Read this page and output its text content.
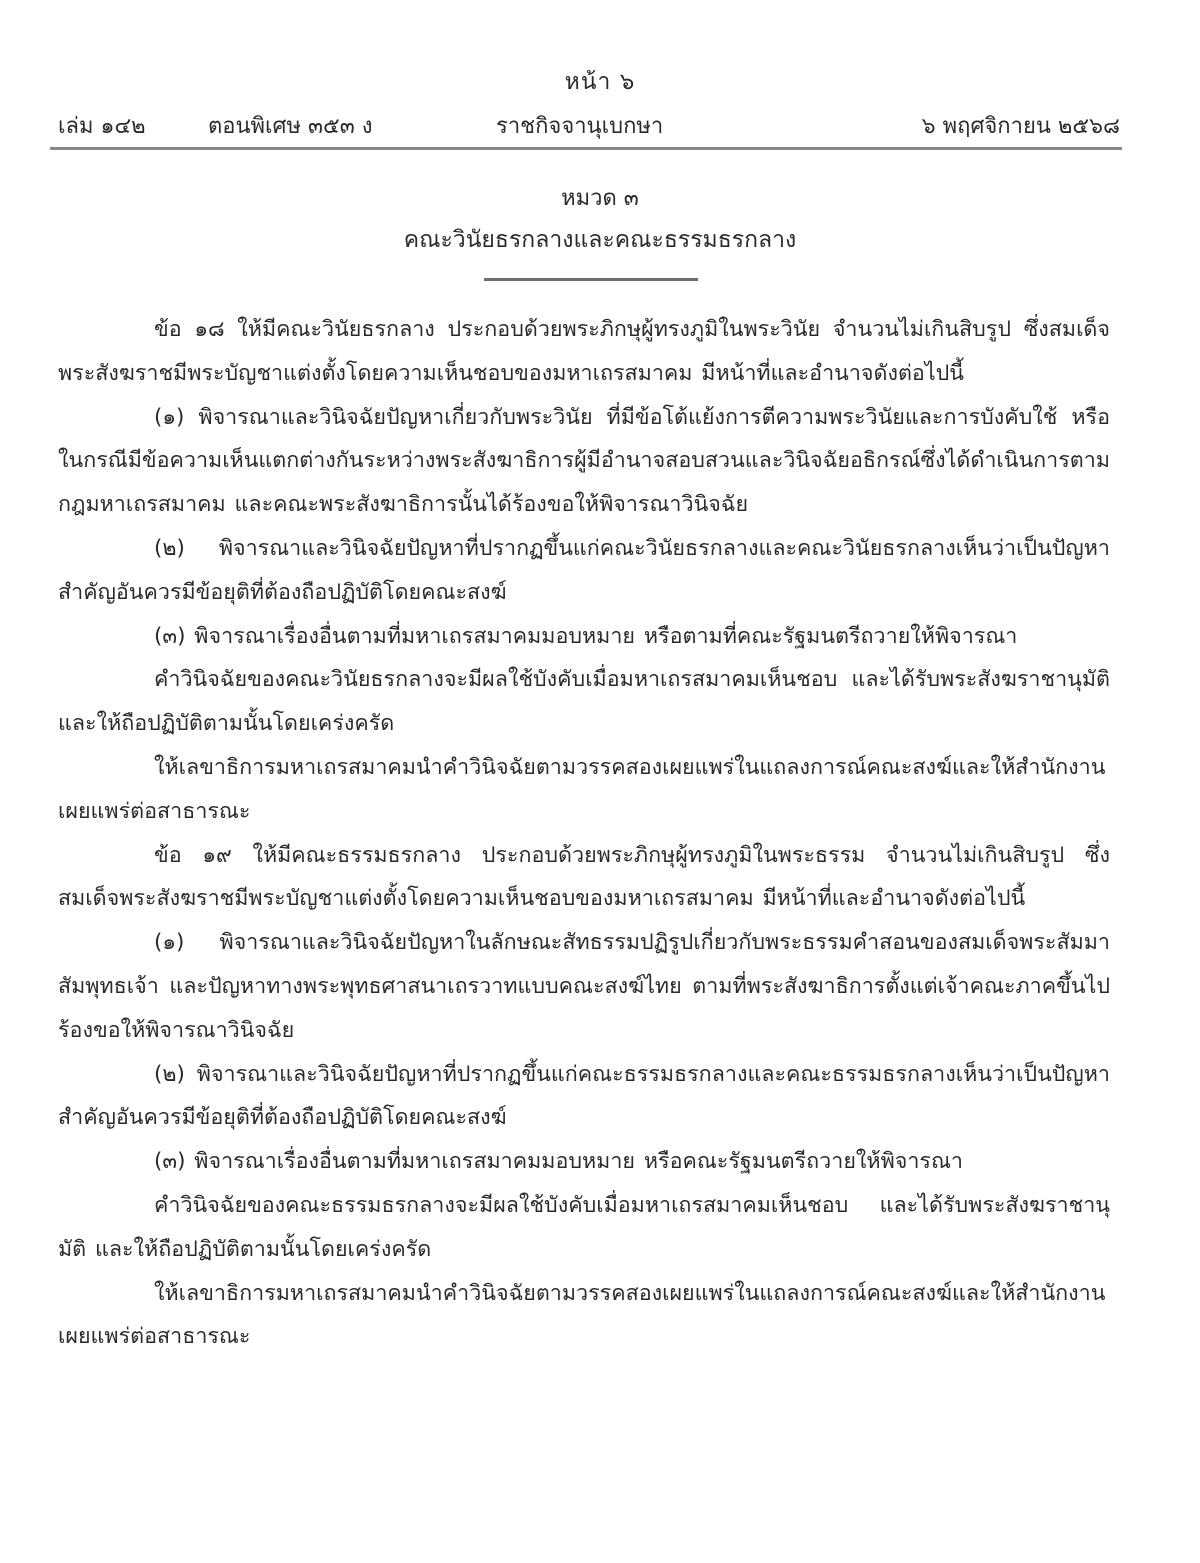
หน้า ๖
เล่ม ๑๔๒	ตอนพิเศษ ๓๕๓ ง	ราชกิจจานุเบกษา	๖ พฤศจิกายน ๒๕๖๘
หมวด ๓
คณะวินัยธรกลางและคณะธรรมธรกลาง

ข้อ ๑๘ ให้มีคณะวินัยธรกลาง ประกอบด้วยพระภิกษุผู้ทรงภูมิในพระวินัย จำนวนไม่เกินสิบรูป ซึ่งสมเด็จพระสังฆราชมีพระบัญชาแต่งตั้งโดยความเห็นชอบของมหาเถรสมาคม มีหน้าที่และอำนาจดังต่อไปนี้

(๑) พิจารณาและวินิจฉัยปัญหาเกี่ยวกับพระวินัย ที่มีข้อโต้แย้งการตีความพระวินัยและการบังคับใช้ หรือในกรณีมีข้อความเห็นแตกต่างกันระหว่างพระสังฆาธิการผู้มีอำนาจสอบสวนและวินิจฉัยอธิกรณ์ซึ่งได้ดำเนินการตามกฎมหาเถรสมาคม และคณะพระสังฆาธิการนั้นได้ร้องขอให้พิจารณาวินิจฉัย

(๒) พิจารณาและวินิจฉัยปัญหาที่ปรากฏขึ้นแก่คณะวินัยธรกลางและคณะวินัยธรกลางเห็นว่าเป็นปัญหาสำคัญอันควรมีข้อยุติที่ต้องถือปฏิบัติโดยคณะสงฆ์

(๓) พิจารณาเรื่องอื่นตามที่มหาเถรสมาคมมอบหมาย หรือตามที่คณะรัฐมนตรีถวายให้พิจารณา

คำวินิจฉัยของคณะวินัยธรกลางจะมีผลใช้บังคับเมื่อมหาเถรสมาคมเห็นชอบ และได้รับพระสังฆราชานุมัติ และให้ถือปฏิบัติตามนั้นโดยเคร่งครัด

ให้เลขาธิการมหาเถรสมาคมนำคำวินิจฉัยตามวรรคสองเผยแพร่ในแถลงการณ์คณะสงฆ์และให้สำนักงานเผยแพร่ต่อสาธารณะ

ข้อ ๑๙ ให้มีคณะธรรมธรกลาง ประกอบด้วยพระภิกษุผู้ทรงภูมิในพระธรรม จำนวนไม่เกินสิบรูป ซึ่งสมเด็จพระสังฆราชมีพระบัญชาแต่งตั้งโดยความเห็นชอบของมหาเถรสมาคม มีหน้าที่และอำนาจดังต่อไปนี้

(๑) พิจารณาและวินิจฉัยปัญหาในลักษณะสัทธรรมปฏิรูปเกี่ยวกับพระธรรมคำสอนของสมเด็จพระสัมมาสัมพุทธเจ้า และปัญหาทางพระพุทธศาสนาเถรวาทแบบคณะสงฆ์ไทย ตามที่พระสังฆาธิการตั้งแต่เจ้าคณะภาคขึ้นไปร้องขอให้พิจารณาวินิจฉัย

(๒) พิจารณาและวินิจฉัยปัญหาที่ปรากฏขึ้นแก่คณะธรรมธรกลางและคณะธรรมธรกลางเห็นว่าเป็นปัญหาสำคัญอันควรมีข้อยุติที่ต้องถือปฏิบัติโดยคณะสงฆ์

(๓) พิจารณาเรื่องอื่นตามที่มหาเถรสมาคมมอบหมาย หรือคณะรัฐมนตรีถวายให้พิจารณา

คำวินิจฉัยของคณะธรรมธรกลางจะมีผลใช้บังคับเมื่อมหาเถรสมาคมเห็นชอบ และได้รับพระสังฆราชานุมัติ และให้ถือปฏิบัติตามนั้นโดยเคร่งครัด

ให้เลขาธิการมหาเถรสมาคมนำคำวินิจฉัยตามวรรคสองเผยแพร่ในแถลงการณ์คณะสงฆ์และให้สำนักงานเผยแพร่ต่อสาธารณะ
